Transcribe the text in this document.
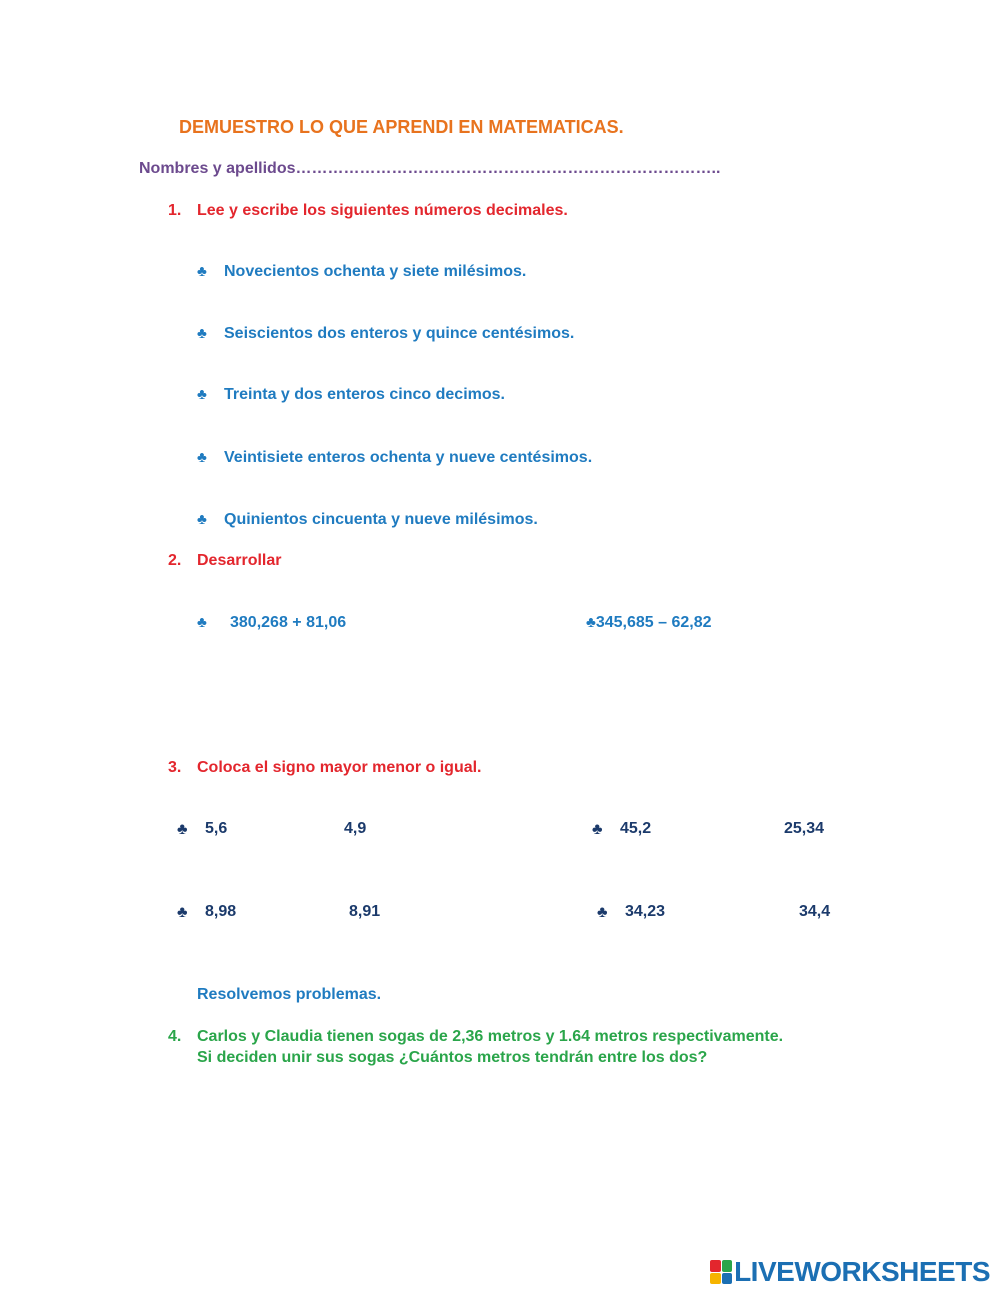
DEMUESTRO LO QUE APRENDI EN MATEMATICAS.
Nombres y apellidos……………………………………………………………………..
1. Lee y escribe los siguientes números decimales.
♣ Novecientos ochenta y siete milésimos.
♣ Seiscientos dos enteros y quince centésimos.
♣ Treinta y dos enteros cinco decimos.
♣ Veintisiete enteros ochenta y nueve centésimos.
♣ Quinientos cincuenta y nueve milésimos.
2. Desarrollar
♣ 380,268 + 81,06	♣345,685 – 62,82
3. Coloca el signo mayor menor o igual.
♣ 5,6	4,9	♣ 45,2	25,34
♣ 8,98	8,91	♣ 34,23	34,4
Resolvemos problemas.
4. Carlos y Claudia tienen sogas de 2,36 metros y 1.64 metros respectivamente.
Si deciden unir sus sogas ¿Cuántos metros tendrán entre los dos?
LIVEWORKSHEETS
